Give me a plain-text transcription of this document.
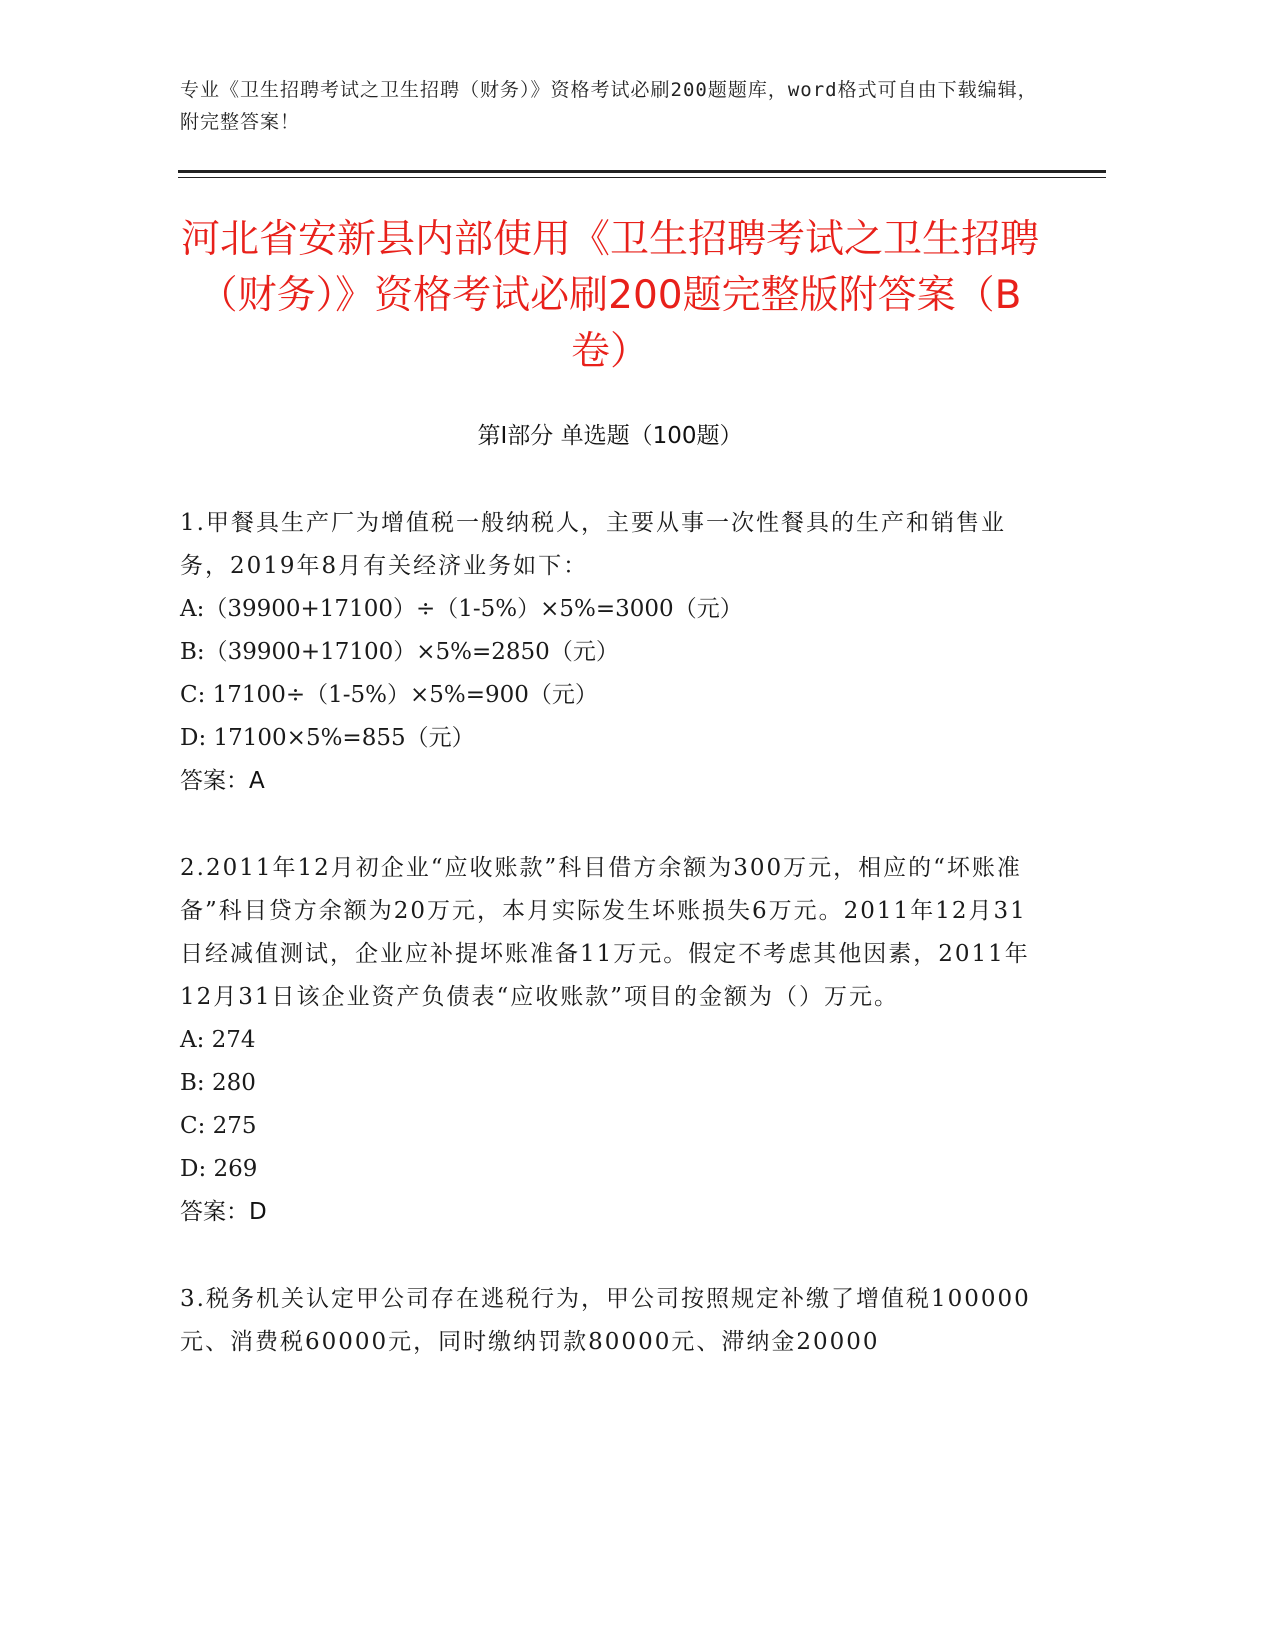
专业《卫生招聘考试之卫生招聘（财务）》资格考试必刷200题题库，word格式可自由下载编辑，附完整答案！
河北省安新县内部使用《卫生招聘考试之卫生招聘（财务）》资格考试必刷200题完整版附答案（B卷）
第Ⅰ部分 单选题（100题）

1.甲餐具生产厂为增值税一般纳税人，主要从事一次性餐具的生产和销售业务，2019年8月有关经济业务如下：

A:（39900+17100）÷（1-5%）×5%=3000（元）

B:（39900+17100）×5%=2850（元）

C: 17100÷（1-5%）×5%=900（元）

D: 17100×5%=855（元）

答案：A

2.2011年12月初企业“应收账款”科目借方余额为300万元，相应的“坏账准备”科目贷方余额为20万元，本月实际发生坏账损失6万元。2011年12月31日经减值测试，企业应补提坏账准备11万元。假定不考虑其他因素，2011年12月31日该企业资产负债表“应收账款”项目的金额为（）万元。

A: 274

B: 280

C: 275

D: 269

答案：D

3.税务机关认定甲公司存在逃税行为，甲公司按照规定补缴了增值税100000元、消费税60000元，同时缴纳罚款80000元、滞纳金20000
